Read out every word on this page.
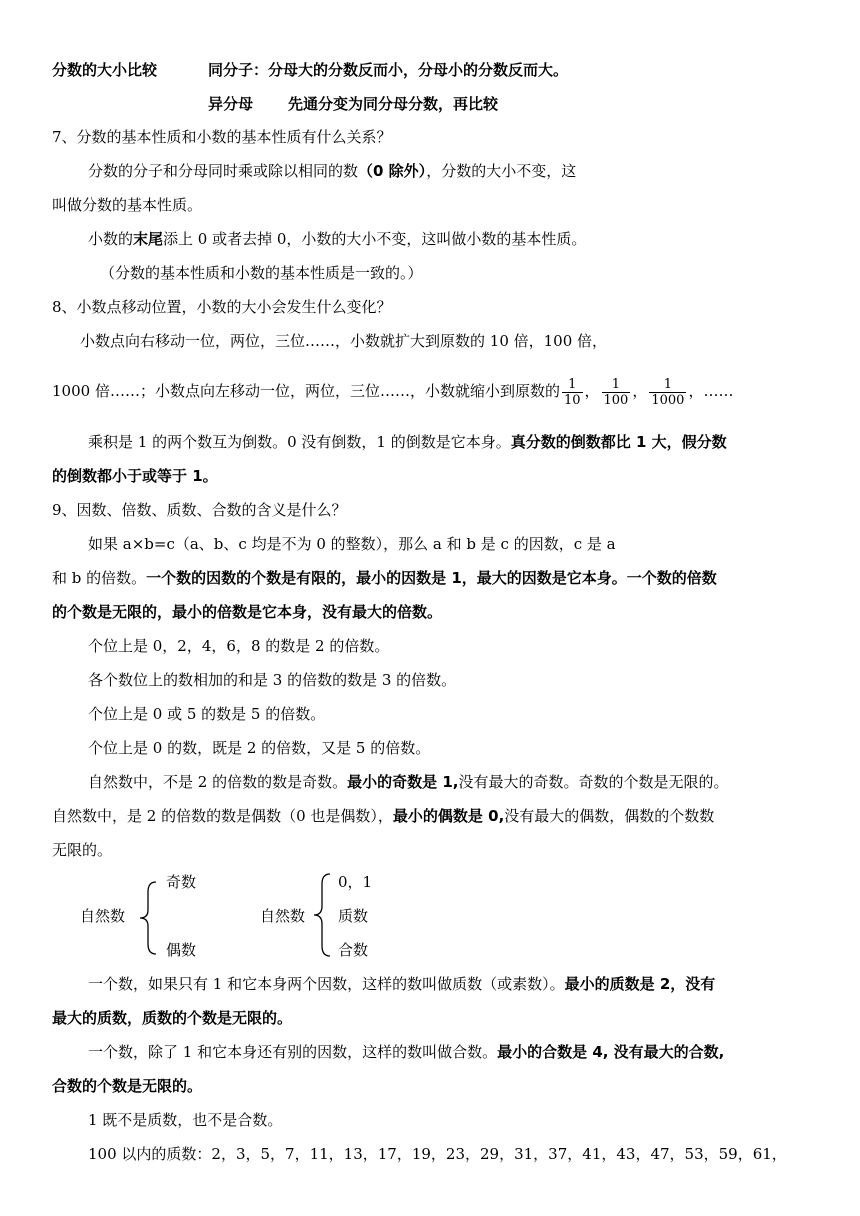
分数的大小比较	同分子：分母大的分数反而小，分母小的分数反而大。
异分母 先通分变为同分母分数，再比较
7、分数的基本性质和小数的基本性质有什么关系？
分数的分子和分母同时乘或除以相同的数（0 除外），分数的大小不变，这
叫做分数的基本性质。
小数的末尾添上 0 或者去掉 0，小数的大小不变，这叫做小数的基本性质。
（分数的基本性质和小数的基本性质是一致的。）
8、小数点移动位置，小数的大小会发生什么变化？
小数点向右移动一位，两位，三位……，小数就扩大到原数的 10 倍，100 倍，
1000 倍……；小数点向左移动一位，两位，三位……，小数就缩小到原数的 $\frac{1}{10}$ ， $\frac{1}{100}$ ， $\frac{1}{1000}$ ，……
乘积是 1 的两个数互为倒数。0 没有倒数，1 的倒数是它本身。真分数的倒数都比 1 大，假分数
的倒数都小于或等于 1。
9、因数、倍数、质数、合数的含义是什么？
如果 a×b=c（a、b、c 均是不为 0 的整数），那么 a 和 b 是 c 的因数，c 是 a
和 b 的倍数。一个数的因数的个数是有限的，最小的因数是 1，最大的因数是它本身。一个数的倍数
的个数是无限的，最小的倍数是它本身，没有最大的倍数。
个位上是 0，2，4，6，8 的数是 2 的倍数。
各个数位上的数相加的和是 3 的倍数的数是 3 的倍数。
个位上是 0 或 5 的数是 5 的倍数。
个位上是 0 的数，既是 2 的倍数，又是 5 的倍数。
自然数中，不是 2 的倍数的数是奇数。最小的奇数是 1,没有最大的奇数。奇数的个数是无限的。
自然数中，是 2 的倍数的数是偶数（0 也是偶数），最小的偶数是 0,没有最大的偶数，偶数的个数数
无限的。
自然数
奇数
偶数
自然数
0，1
质数
合数
一个数，如果只有 1 和它本身两个因数，这样的数叫做质数（或素数）。最小的质数是 2，没有
最大的质数，质数的个数是无限的。
一个数，除了 1 和它本身还有别的因数，这样的数叫做合数。最小的合数是 4, 没有最大的合数,
合数的个数是无限的。
1 既不是质数，也不是合数。
100 以内的质数：2，3，5，7，11，13，17，19，23，29，31，37，41，43，47，53，59，61，
